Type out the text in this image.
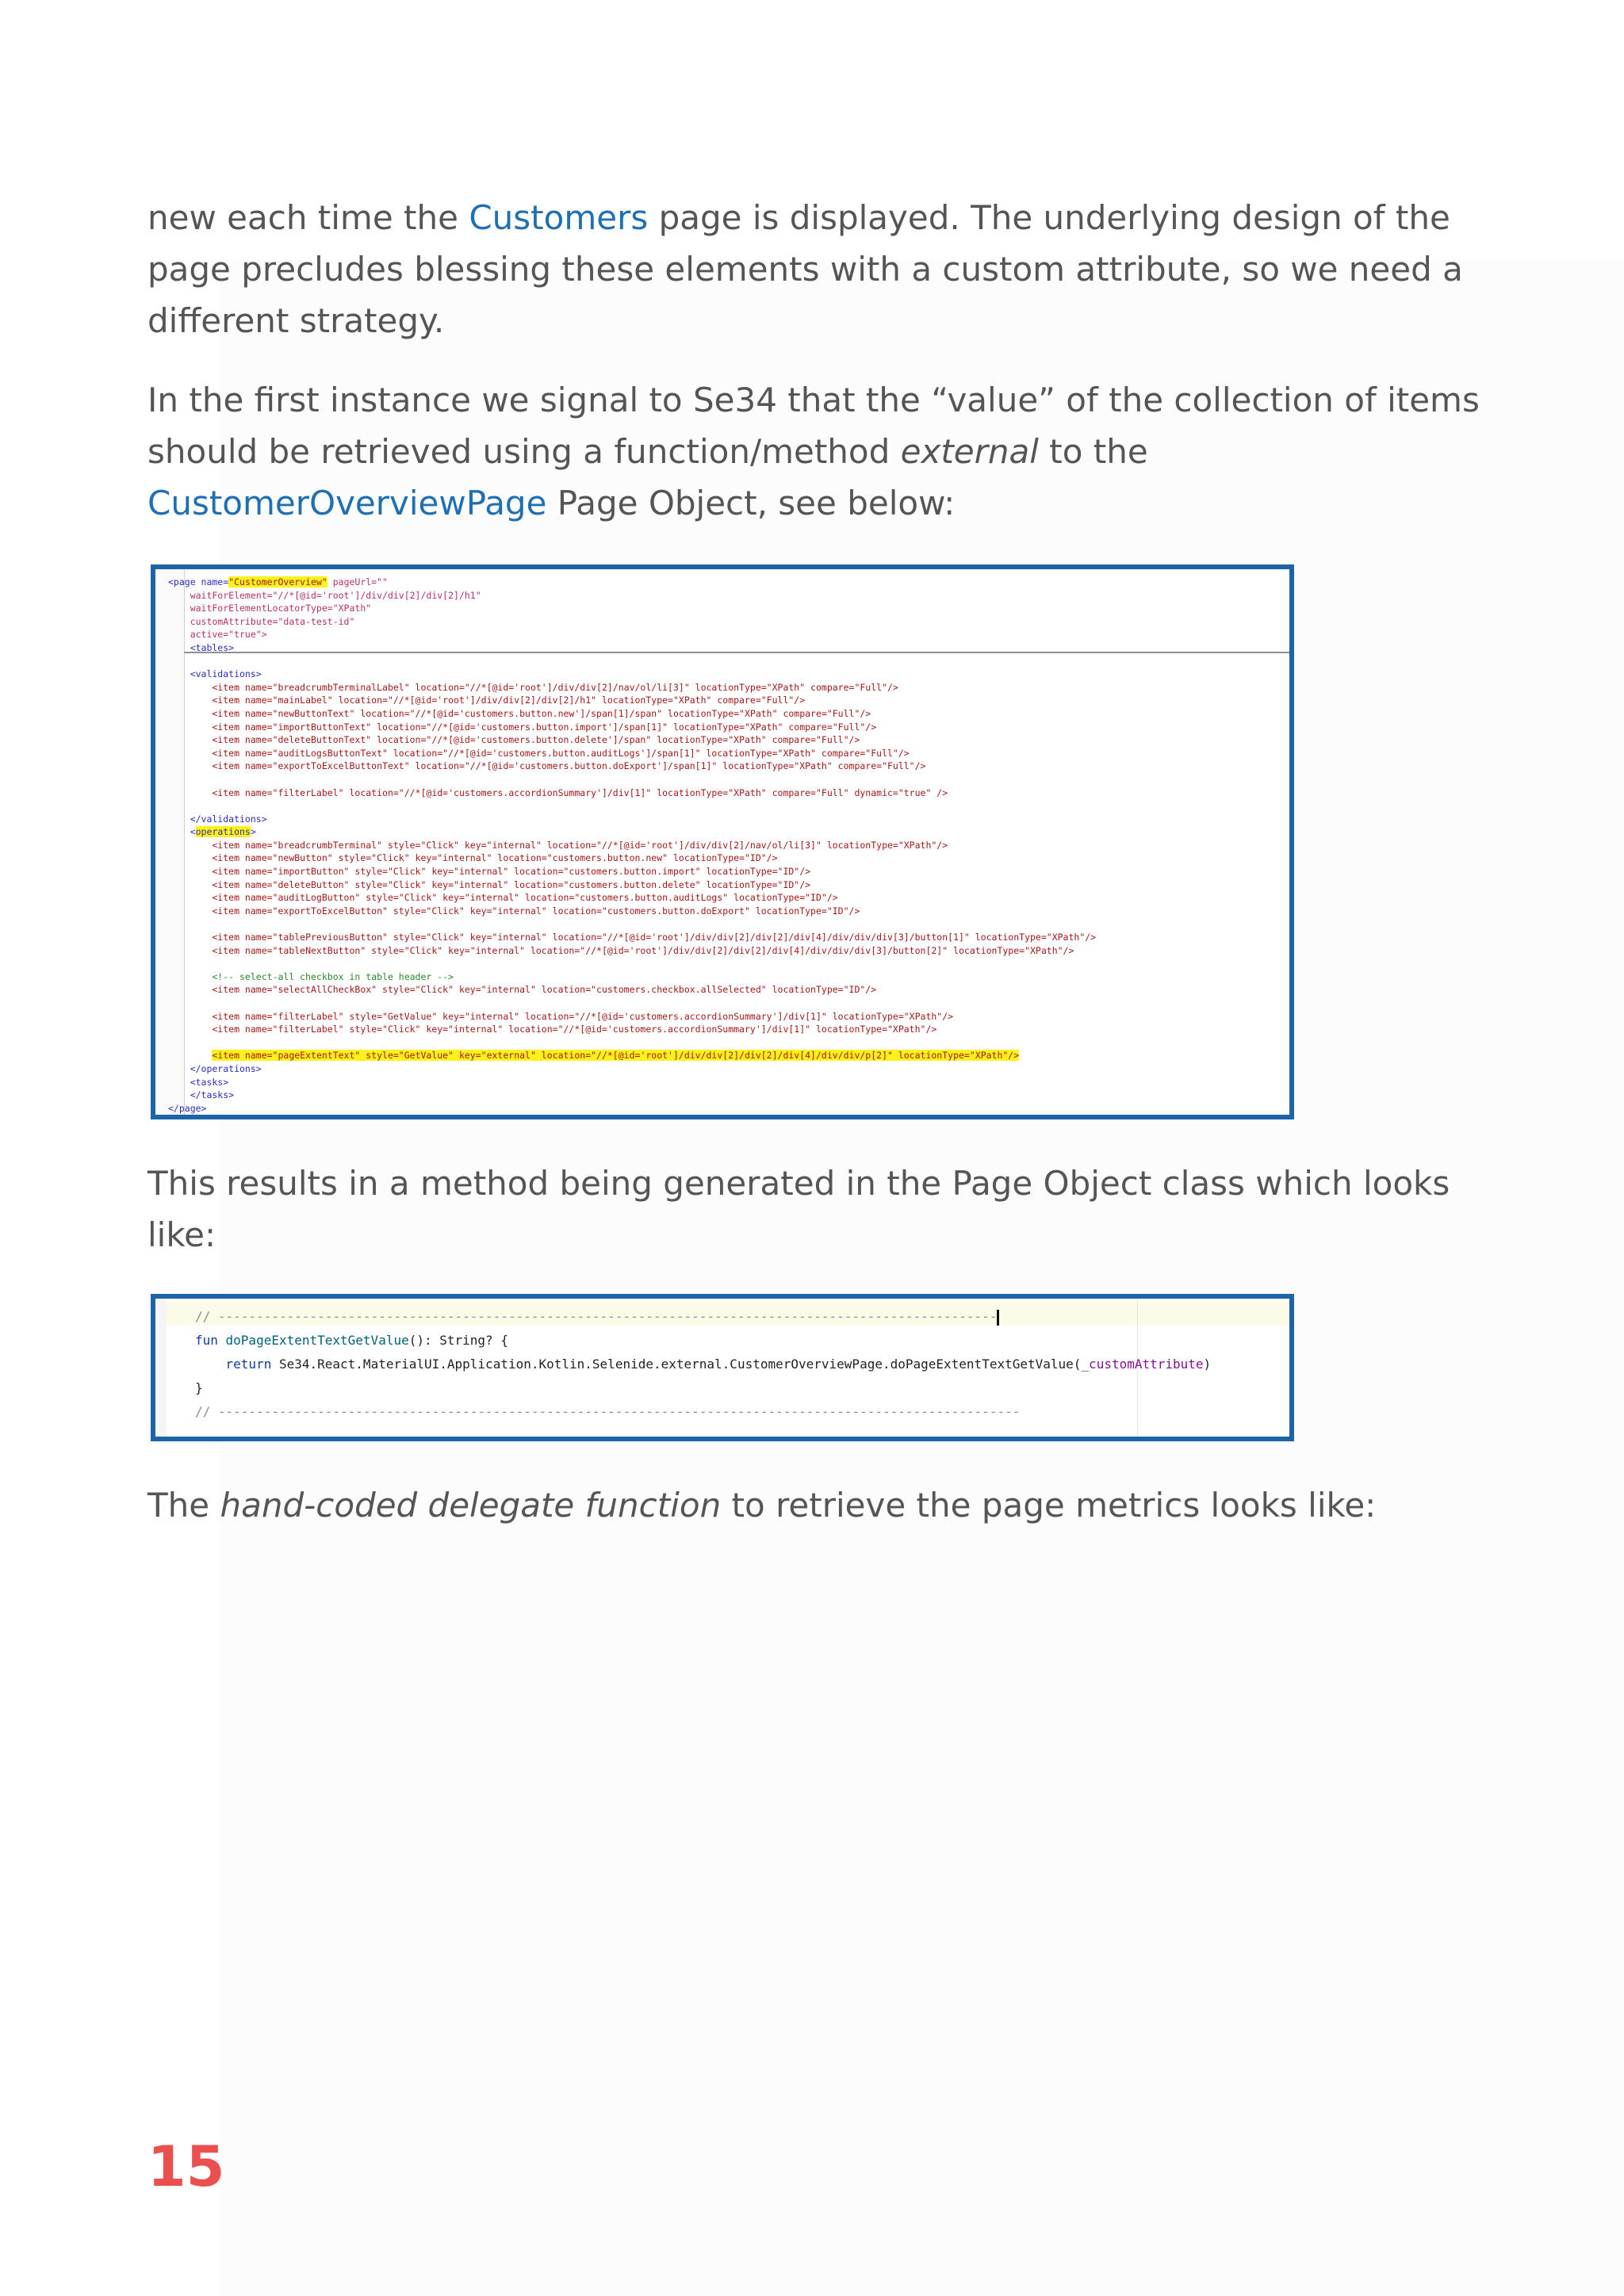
new each time the Customers page is displayed. The underlying design of the
page precludes blessing these elements with a custom attribute, so we need a
different strategy.
In the first instance we signal to Se34 that the “value” of the collection of items
should be retrieved using a function/method external to the
CustomerOverviewPage Page Object, see below:
<page name="CustomerOverview" pageUrl=""
waitForElement="//*[@id='root']/div/div[2]/div[2]/h1"
waitForElementLocatorType="XPath"
customAttribute="data-test-id"
active="true">
<tables>
<validations>
<item name="breadcrumbTerminalLabel" location="//*[@id='root']/div/div[2]/nav/ol/li[3]" locationType="XPath" compare="Full"/>
<item name="mainLabel" location="//*[@id='root']/div/div[2]/div[2]/h1" locationType="XPath" compare="Full"/>
<item name="newButtonText" location="//*[@id='customers.button.new']/span[1]/span" locationType="XPath" compare="Full"/>
<item name="importButtonText" location="//*[@id='customers.button.import']/span[1]" locationType="XPath" compare="Full"/>
<item name="deleteButtonText" location="//*[@id='customers.button.delete']/span" locationType="XPath" compare="Full"/>
<item name="auditLogsButtonText" location="//*[@id='customers.button.auditLogs']/span[1]" locationType="XPath" compare="Full"/>
<item name="exportToExcelButtonText" location="//*[@id='customers.button.doExport']/span[1]" locationType="XPath" compare="Full"/>
<item name="filterLabel" location="//*[@id='customers.accordionSummary']/div[1]" locationType="XPath" compare="Full" dynamic="true" />
</validations>
<operations>
<item name="breadcrumbTerminal" style="Click" key="internal" location="//*[@id='root']/div/div[2]/nav/ol/li[3]" locationType="XPath"/>
<item name="newButton" style="Click" key="internal" location="customers.button.new" locationType="ID"/>
<item name="importButton" style="Click" key="internal" location="customers.button.import" locationType="ID"/>
<item name="deleteButton" style="Click" key="internal" location="customers.button.delete" locationType="ID"/>
<item name="auditLogButton" style="Click" key="internal" location="customers.button.auditLogs" locationType="ID"/>
<item name="exportToExcelButton" style="Click" key="internal" location="customers.button.doExport" locationType="ID"/>
<item name="tablePreviousButton" style="Click" key="internal" location="//*[@id='root']/div/div[2]/div[2]/div[4]/div/div/div[3]/button[1]" locationType="XPath"/>
<item name="tableNextButton" style="Click" key="internal" location="//*[@id='root']/div/div[2]/div[2]/div[4]/div/div/div[3]/button[2]" locationType="XPath"/>
<!-- select-all checkbox in table header -->
<item name="selectAllCheckBox" style="Click" key="internal" location="customers.checkbox.allSelected" locationType="ID"/>
<item name="filterLabel" style="GetValue" key="internal" location="//*[@id='customers.accordionSummary']/div[1]" locationType="XPath"/>
<item name="filterLabel" style="Click" key="internal" location="//*[@id='customers.accordionSummary']/div[1]" locationType="XPath"/>
<item name="pageExtentText" style="GetValue" key="external" location="//*[@id='root']/div/div[2]/div[2]/div[4]/div/div/p[2]" locationType="XPath"/>
</operations>
<tasks>
</tasks>
</page>
This results in a method being generated in the Page Object class which looks
like:
// ------------------------------------------------------------------------------------------------------
fun doPageExtentTextGetValue(): String? {
return Se34.React.MaterialUI.Application.Kotlin.Selenide.external.CustomerOverviewPage.doPageExtentTextGetValue(_customAttribute)
}
// ---------------------------------------------------------------------------------------------------------
The hand-coded delegate function to retrieve the page metrics looks like:
15
